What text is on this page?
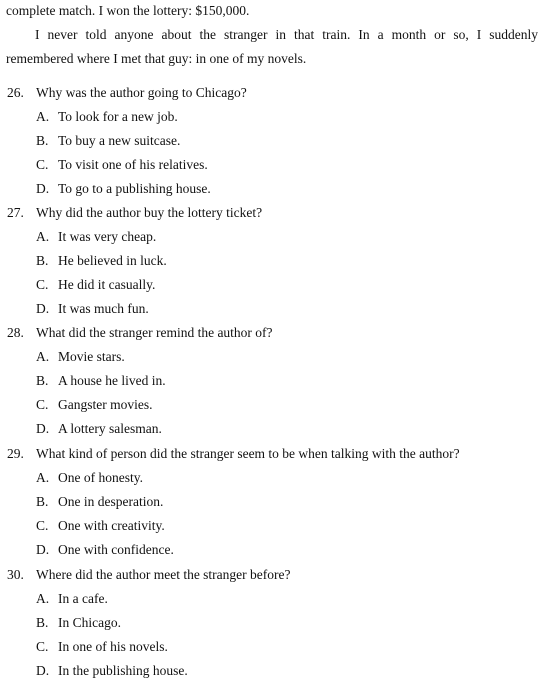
complete match. I won the lottery: $150,000.
I never told anyone about the stranger in that train. In a month or so, I suddenly
remembered where I met that guy: in one of my novels.
26. Why was the author going to Chicago?
A. To look for a new job.
B. To buy a new suitcase.
C. To visit one of his relatives.
D. To go to a publishing house.
27. Why did the author buy the lottery ticket?
A. It was very cheap.
B. He believed in luck.
C. He did it casually.
D. It was much fun.
28. What did the stranger remind the author of?
A. Movie stars.
B. A house he lived in.
C. Gangster movies.
D. A lottery salesman.
29. What kind of person did the stranger seem to be when talking with the author?
A. One of honesty.
B. One in desperation.
C. One with creativity.
D. One with confidence.
30. Where did the author meet the stranger before?
A. In a cafe.
B. In Chicago.
C. In one of his novels.
D. In the publishing house.
